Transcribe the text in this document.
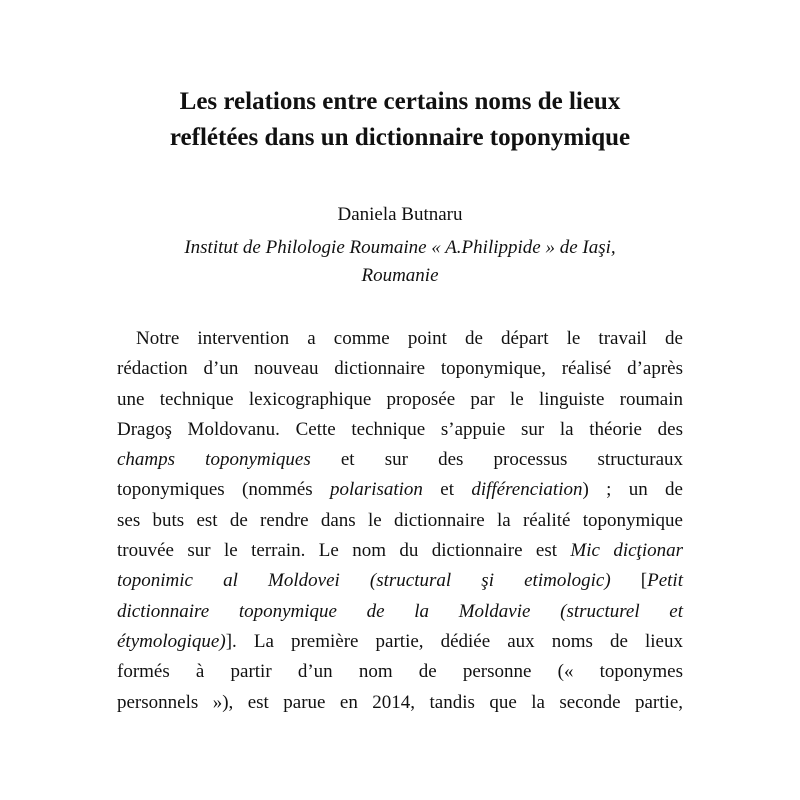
Les relations entre certains noms de lieux
reflétées dans un dictionnaire toponymique
Daniela Butnaru
Institut de Philologie Roumaine « A.Philippide » de Iaşi,
Roumanie
Notre intervention a comme point de départ le travail de
rédaction d’un nouveau dictionnaire toponymique, réalisé d’après
une technique lexicographique proposée par le linguiste roumain
Dragoş Moldovanu. Cette technique s’appuie sur la théorie des
champs toponymiques et sur des processus structuraux
toponymiques (nommés polarisation et différenciation) ; un de
ses buts est de rendre dans le dictionnaire la réalité toponymique
trouvée sur le terrain. Le nom du dictionnaire est Mic dicţionar
toponimic al Moldovei (structural şi etimologic) [Petit
dictionnaire toponymique de la Moldavie (structurel et
étymologique)]. La première partie, dédiée aux noms de lieux
formés à partir d’un nom de personne (« toponymes
personnels »), est parue en 2014, tandis que la seconde partie,
